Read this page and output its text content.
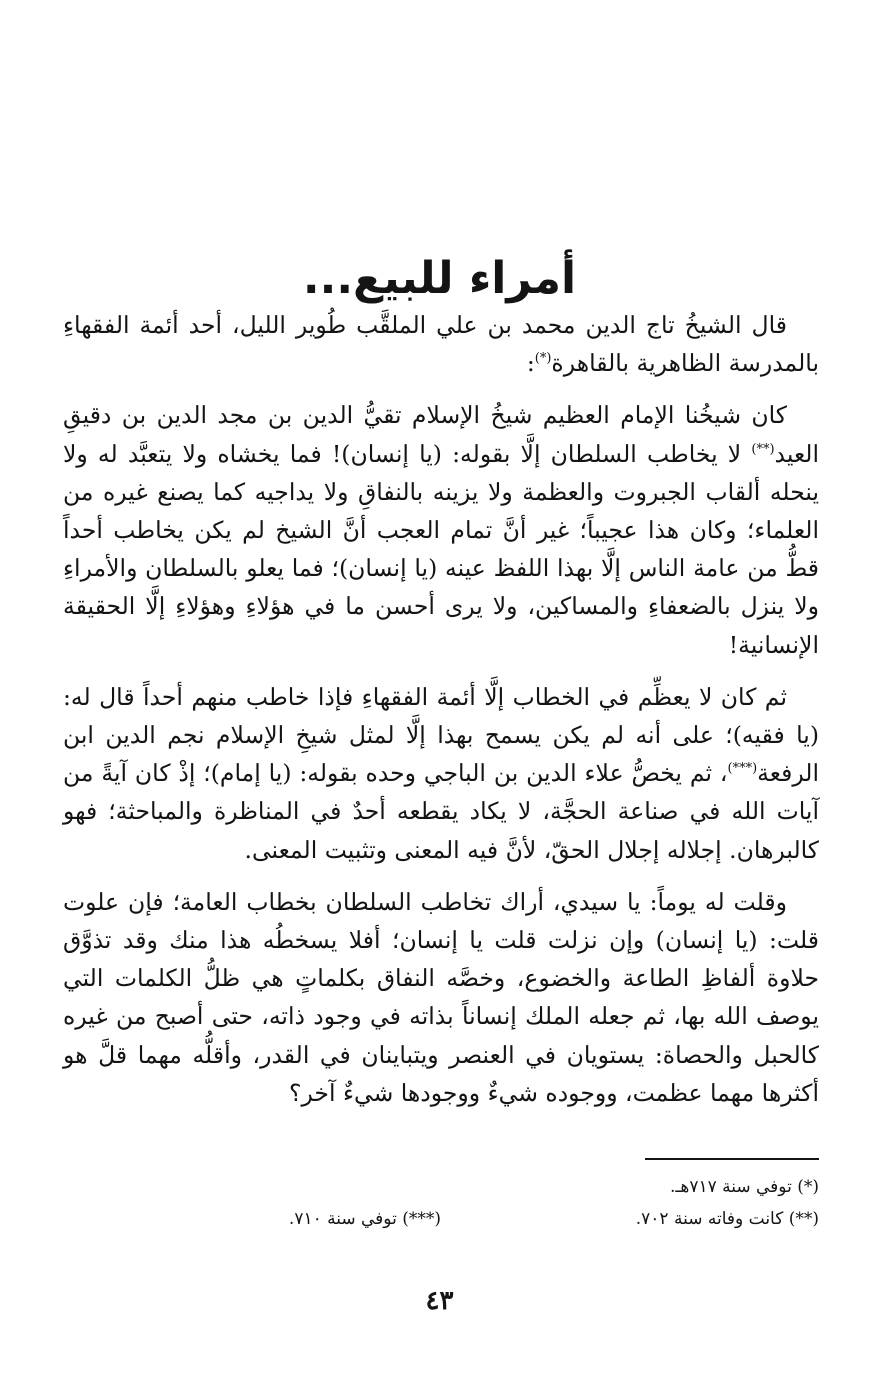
أمراء للبيع...

قال الشيخُ تاج الدين محمد بن علي الملقَّب طُوير الليل، أحد أئمة الفقهاءِ بالمدرسة الظاهرية بالقاهرة(*):

كان شيخُنا الإمام العظيم شيخُ الإسلام تقيُّ الدين بن مجد الدين بن دقيقِ العيد(**) لا يخاطب السلطان إلَّا بقوله: (يا إنسان)! فما يخشاه ولا يتعبَّد له ولا ينحله ألقاب الجبروت والعظمة ولا يزينه بالنفاقِ ولا يداجيه كما يصنع غيره من العلماء؛ وكان هذا عجيباً؛ غير أنَّ تمام العجب أنَّ الشيخ لم يكن يخاطب أحداً قطُّ من عامة الناس إلَّا بهذا اللفظ عينه (يا إنسان)؛ فما يعلو بالسلطان والأمراءِ ولا ينزل بالضعفاءِ والمساكين، ولا يرى أحسن ما في هؤلاءِ وهؤلاءِ إلَّا الحقيقة الإنسانية!

ثم كان لا يعظِّم في الخطاب إلَّا أئمة الفقهاءِ فإذا خاطب منهم أحداً قال له: (يا فقيه)؛ على أنه لم يكن يسمح بهذا إلَّا لمثل شيخِ الإسلام نجم الدين ابن الرفعة(***)، ثم يخصُّ علاء الدين بن الباجي وحده بقوله: (يا إمام)؛ إذْ كان آيةً من آيات الله في صناعة الحجَّة، لا يكاد يقطعه أحدٌ في المناظرة والمباحثة؛ فهو كالبرهان. إجلاله إجلال الحقّ، لأنَّ فيه المعنى وتثبيت المعنى.

وقلت له يوماً: يا سيدي، أراك تخاطب السلطان بخطاب العامة؛ فإن علوت قلت: (يا إنسان) وإن نزلت قلت يا إنسان؛ أفلا يسخطُه هذا منك وقد تذوَّق حلاوة ألفاظِ الطاعة والخضوع، وخصَّه النفاق بكلماتٍ هي ظلُّ الكلمات التي يوصف الله بها، ثم جعله الملك إنساناً بذاته في وجود ذاته، حتى أصبح من غيره كالحبل والحصاة: يستويان في العنصر ويتباينان في القدر، وأقلُّه مهما قلَّ هو أكثرها مهما عظمت، ووجوده شيءٌ ووجودها شيءٌ آخر؟

(*) توفي سنة ٧١٧هـ.
(**) كانت وفاته سنة ٧٠٢.
(***) توفي سنة ٧١٠.
٤٣
